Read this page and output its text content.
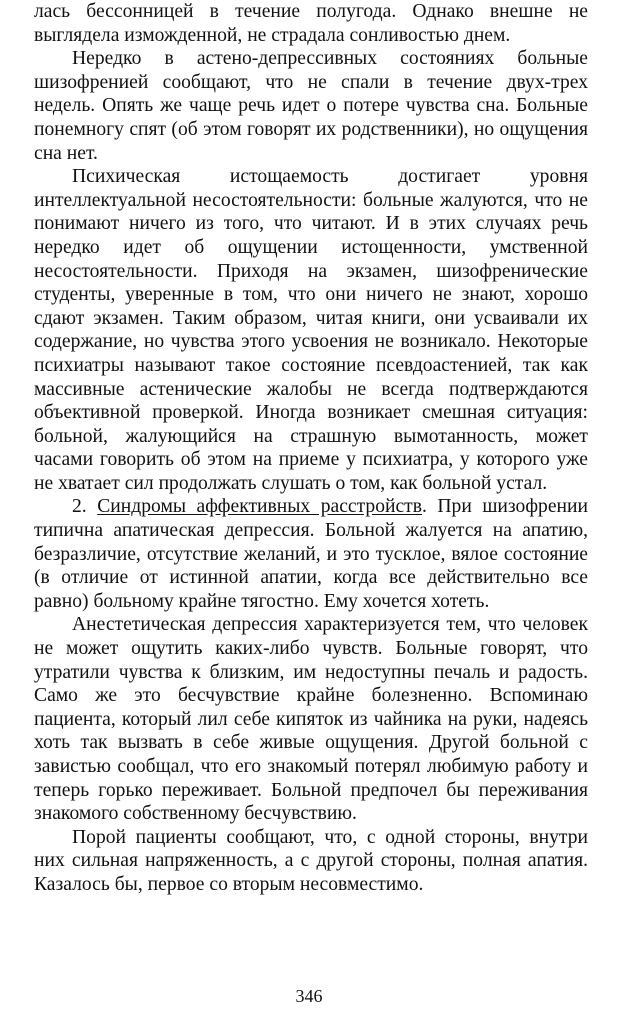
лась бессонницей в течение полугода. Однако внешне не выглядела изможденной, не страдала сонливостью днем.

Нередко в астено-депрессивных состояниях больные шизофренией сообщают, что не спали в течение двух-трех недель. Опять же чаще речь идет о потере чувства сна. Больные понемногу спят (об этом говорят их родственники), но ощущения сна нет.

Психическая истощаемость достигает уровня интеллектуальной несостоятельности: больные жалуются, что не понимают ничего из того, что читают. И в этих случаях речь нередко идет об ощущении истощенности, умственной несостоятельности. Приходя на экзамен, шизофренические студенты, уверенные в том, что они ничего не знают, хорошо сдают экзамен. Таким образом, читая книги, они усваивали их содержание, но чувства этого усвоения не возникало. Некоторые психиатры называют такое состояние псевдоастенией, так как массивные астенические жалобы не всегда подтверждаются объективной проверкой. Иногда возникает смешная ситуация: больной, жалующийся на страшную вымотанность, может часами говорить об этом на приеме у психиатра, у которого уже не хватает сил продолжать слушать о том, как больной устал.

2. Синдромы аффективных расстройств. При шизофрении типична апатическая депрессия. Больной жалуется на апатию, безразличие, отсутствие желаний, и это тусклое, вялое состояние (в отличие от истинной апатии, когда все действительно все равно) больному крайне тягостно. Ему хочется хотеть.

Анестетическая депрессия характеризуется тем, что человек не может ощутить каких-либо чувств. Больные говорят, что утратили чувства к близким, им недоступны печаль и радость. Само же это бесчувствие крайне болезненно. Вспоминаю пациента, который лил себе кипяток из чайника на руки, надеясь хоть так вызвать в себе живые ощущения. Другой больной с завистью сообщал, что его знакомый потерял любимую работу и теперь горько переживает. Больной предпочел бы переживания знакомого собственному бесчувствию.

Порой пациенты сообщают, что, с одной стороны, внутри них сильная напряженность, а с другой стороны, полная апатия. Казалось бы, первое со вторым несовместимо.

346
